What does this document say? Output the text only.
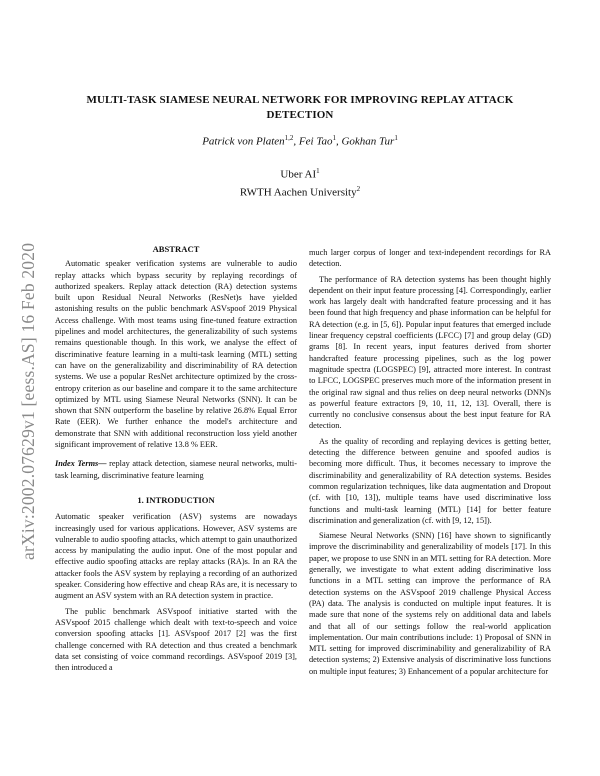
arXiv:2002.07629v1 [eess.AS] 16 Feb 2020
MULTI-TASK SIAMESE NEURAL NETWORK FOR IMPROVING REPLAY ATTACK DETECTION
Patrick von Platen$^{1,2}$, Fei Tao$^1$, Gokhan Tur$^1$
Uber $AI^1$
RWTH Aachen University$^2$
ABSTRACT

Automatic speaker verification systems are vulnerable to audio replay attacks which bypass security by replaying recordings of authorized speakers. Replay attack detection (RA) detection systems built upon Residual Neural Networks (ResNet)s have yielded astonishing results on the public benchmark ASVspoof 2019 Physical Access challenge. With most teams using fine-tuned feature extraction pipelines and model architectures, the generalizability of such systems remains questionable though. In this work, we analyse the effect of discriminative feature learning in a multi-task learning (MTL) setting can have on the generalizability and discriminability of RA detection systems. We use a popular ResNet architecture optimized by the cross-entropy criterion as our baseline and compare it to the same architecture optimized by MTL using Siamese Neural Networks (SNN). It can be shown that SNN outperform the baseline by relative 26.8% Equal Error Rate (EER). We further enhance the model's architecture and demonstrate that SNN with additional reconstruction loss yield another significant improvement of relative 13.8 % EER.

Index Terms— replay attack detection, siamese neural networks, multi-task learning, discriminative feature learning

1. INTRODUCTION

Automatic speaker verification (ASV) systems are nowadays increasingly used for various applications. However, ASV systems are vulnerable to audio spoofing attacks, which attempt to gain unauthorized access by manipulating the audio input. One of the most popular and effective audio spoofing attacks are replay attacks (RA)s. In an RA the attacker fools the ASV system by replaying a recording of an authorized speaker. Considering how effective and cheap RAs are, it is necessary to augment an ASV system with an RA detection system in practice.

The public benchmark ASVspoof initiative started with the ASVspoof 2015 challenge which dealt with text-to-speech and voice conversion spoofing attacks [1]. ASVspoof 2017 [2] was the first challenge concerned with RA detection and thus created a benchmark data set consisting of voice command recordings. ASVspoof 2019 [3], then introduced a

much larger corpus of longer and text-independent recordings for RA detection.

The performance of RA detection systems has been thought highly dependent on their input feature processing [4]. Correspondingly, earlier work has largely dealt with handcrafted feature processing and it has been found that high frequency and phase information can be helpful for RA detection (e.g. in [5, 6]). Popular input features that emerged include linear frequency cepstral coefficients (LFCC) [7] and group delay (GD) grams [8]. In recent years, input features derived from shorter handcrafted feature processing pipelines, such as the log power magnitude spectra (LOGSPEC) [9], attracted more interest. In contrast to LFCC, LOGSPEC preserves much more of the information present in the original raw signal and thus relies on deep neural networks (DNN)s as powerful feature extractors [9, 10, 11, 12, 13]. Overall, there is currently no conclusive consensus about the best input feature for RA detection.

As the quality of recording and replaying devices is getting better, detecting the difference between genuine and spoofed audios is becoming more difficult. Thus, it becomes necessary to improve the discriminability and generalizability of RA detection systems. Besides common regularization techniques, like data augmentation and Dropout (cf. with [10, 13]), multiple teams have used discriminative loss functions and multi-task learning (MTL) [14] for better feature discrimination and generalization (cf. with [9, 12, 15]).

Siamese Neural Networks (SNN) [16] have shown to significantly improve the discriminability and generalizability of models [17]. In this paper, we propose to use SNN in an MTL setting for RA detection. More generally, we investigate to what extent adding discriminative loss functions in a MTL setting can improve the performance of RA detection systems on the ASVspoof 2019 challenge Physical Access (PA) data. The analysis is conducted on multiple input features. It is made sure that none of the systems rely on additional data and labels and that all of our settings follow the real-world application implementation. Our main contributions include: 1) Proposal of SNN in MTL setting for improved discriminability and generalizability of RA detection systems; 2) Extensive analysis of discriminative loss functions on multiple input features; 3) Enhancement of a popular architecture for
